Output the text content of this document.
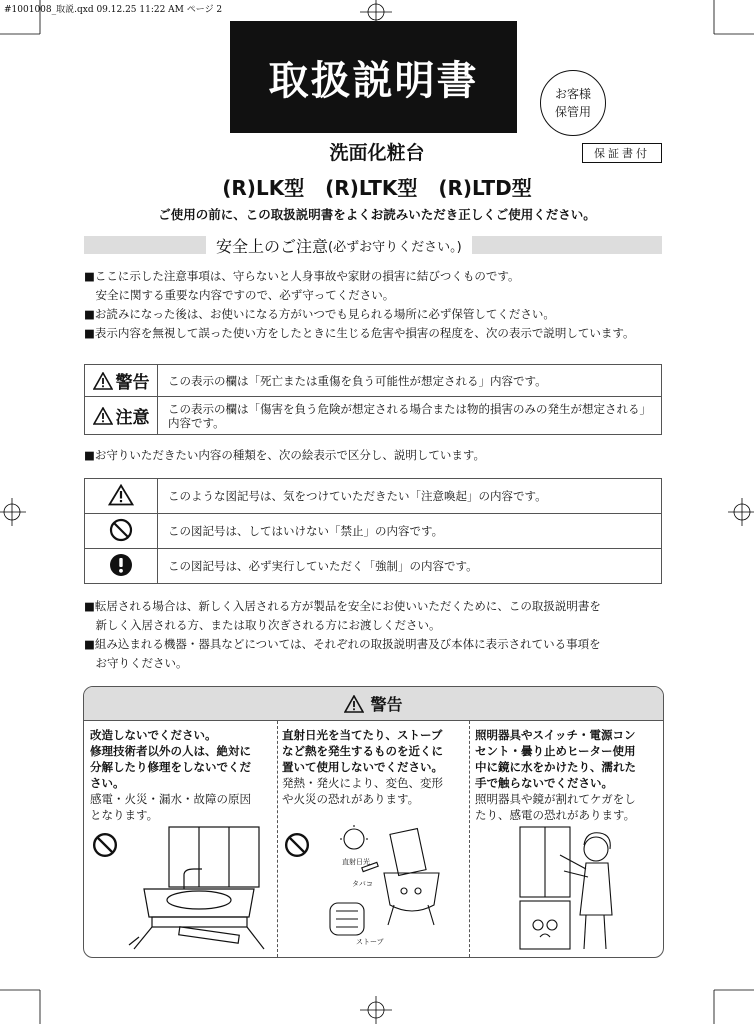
#1001008_取説.qxd 09.12.25 11:22 AM ページ 2
取扱説明書	お客様
保管用
保証書付
洗面化粧台
(R)LK型 (R)LTK型 (R)LTD型
ご使用の前に、この取扱説明書をよくお読みいただき正しくご使用ください。
安全上のご注意 (必ずお守りください。)
■ここに示した注意事項は、守らないと人身事故や家財の損害に結びつくものです。
　安全に関する重要な内容ですので、必ず守ってください。
■お読みになった後は、お使いになる方がいつでも見られる場所に必ず保管してください。
■表示内容を無視して誤った使い方をしたときに生じる危害や損害の程度を、次の表示で説明しています。
警告	この表示の欄は「死亡または重傷を負う可能性が想定される」内容です。

注意	この表示の欄は「傷害を負う危険が想定される場合または物的損害のみの発生が想定される」内容です。
■お守りいただきたい内容の種類を、次の絵表示で区分し、説明しています。
	このような図記号は、気をつけていただきたい「注意喚起」の内容です。
	この図記号は、してはいけない「禁止」の内容です。
	この図記号は、必ず実行していただく「強制」の内容です。
■転居される場合は、新しく入居される方が製品を安全にお使いいただくために、この取扱説明書を
　新しく入居される方、または取り次ぎされる方にお渡しください。
■組み込まれる機器・器具などについては、それぞれの取扱説明書及び本体に表示されている事項を
　お守りください。
警告
改造しないでください。
修理技術者以外の人は、絶対に
分解したり修理をしないでくだ
さい。
感電・火災・漏水・故障の原因
となります。
直射日光を当てたり、ストーブ
など熱を発生するものを近くに
置いて使用しないでください。
発熱・発火により、変色、変形
や火災の恐れがあります。
直射日光
タバコ
ストーブ
照明器具やスイッチ・電源コン
セント・曇り止めヒーター使用
中に鏡に水をかけたり、濡れた
手で触らないでください。
照明器具や鏡が割れてケガをし
たり、感電の恐れがあります。
